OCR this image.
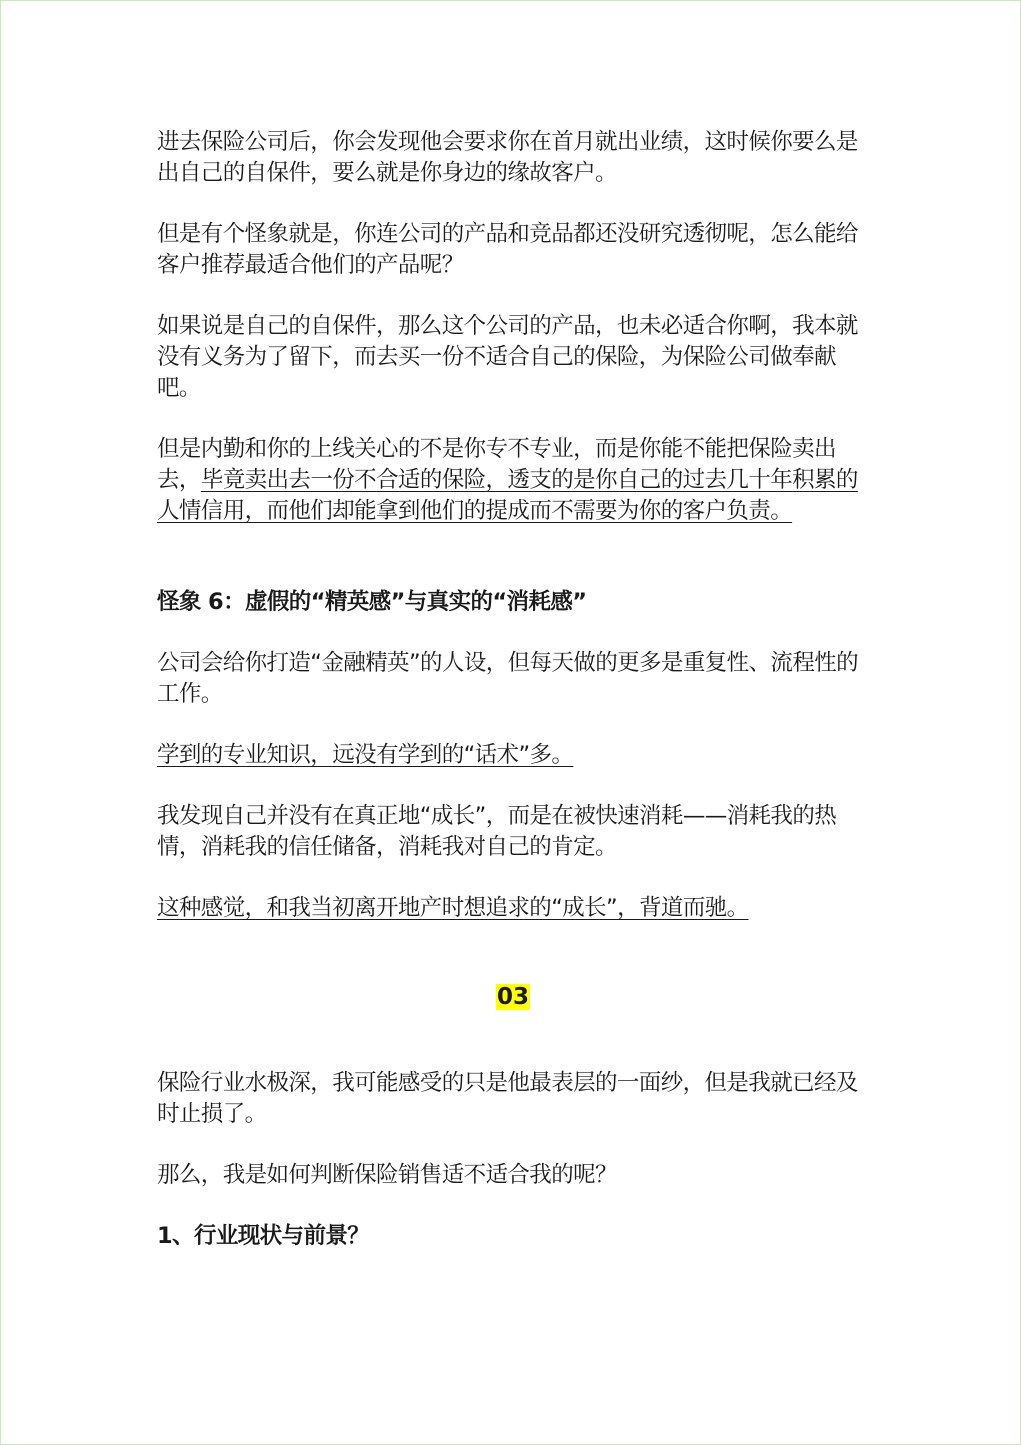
进去保险公司后，你会发现他会要求你在首月就出业绩，这时候你要么是出自己的自保件，要么就是你身边的缘故客户。

但是有个怪象就是，你连公司的产品和竞品都还没研究透彻呢，怎么能给客户推荐最适合他们的产品呢？

如果说是自己的自保件，那么这个公司的产品，也未必适合你啊，我本就没有义务为了留下，而去买一份不适合自己的保险，为保险公司做奉献吧。

但是内勤和你的上线关心的不是你专不专业，而是你能不能把保险卖出去，毕竟卖出去一份不合适的保险，透支的是你自己的过去几十年积累的人情信用，而他们却能拿到他们的提成而不需要为你的客户负责。

怪象 6：虚假的“精英感”与真实的“消耗感”

公司会给你打造“金融精英”的人设，但每天做的更多是重复性、流程性的工作。

学到的专业知识，远没有学到的“话术”多。

我发现自己并没有在真正地“成长”，而是在被快速消耗——消耗我的热情，消耗我的信任储备，消耗我对自己的肯定。

这种感觉，和我当初离开地产时想追求的“成长”，背道而驰。

03

保险行业水极深，我可能感受的只是他最表层的一面纱，但是我就已经及时止损了。

那么，我是如何判断保险销售适不适合我的呢？

1、行业现状与前景？
